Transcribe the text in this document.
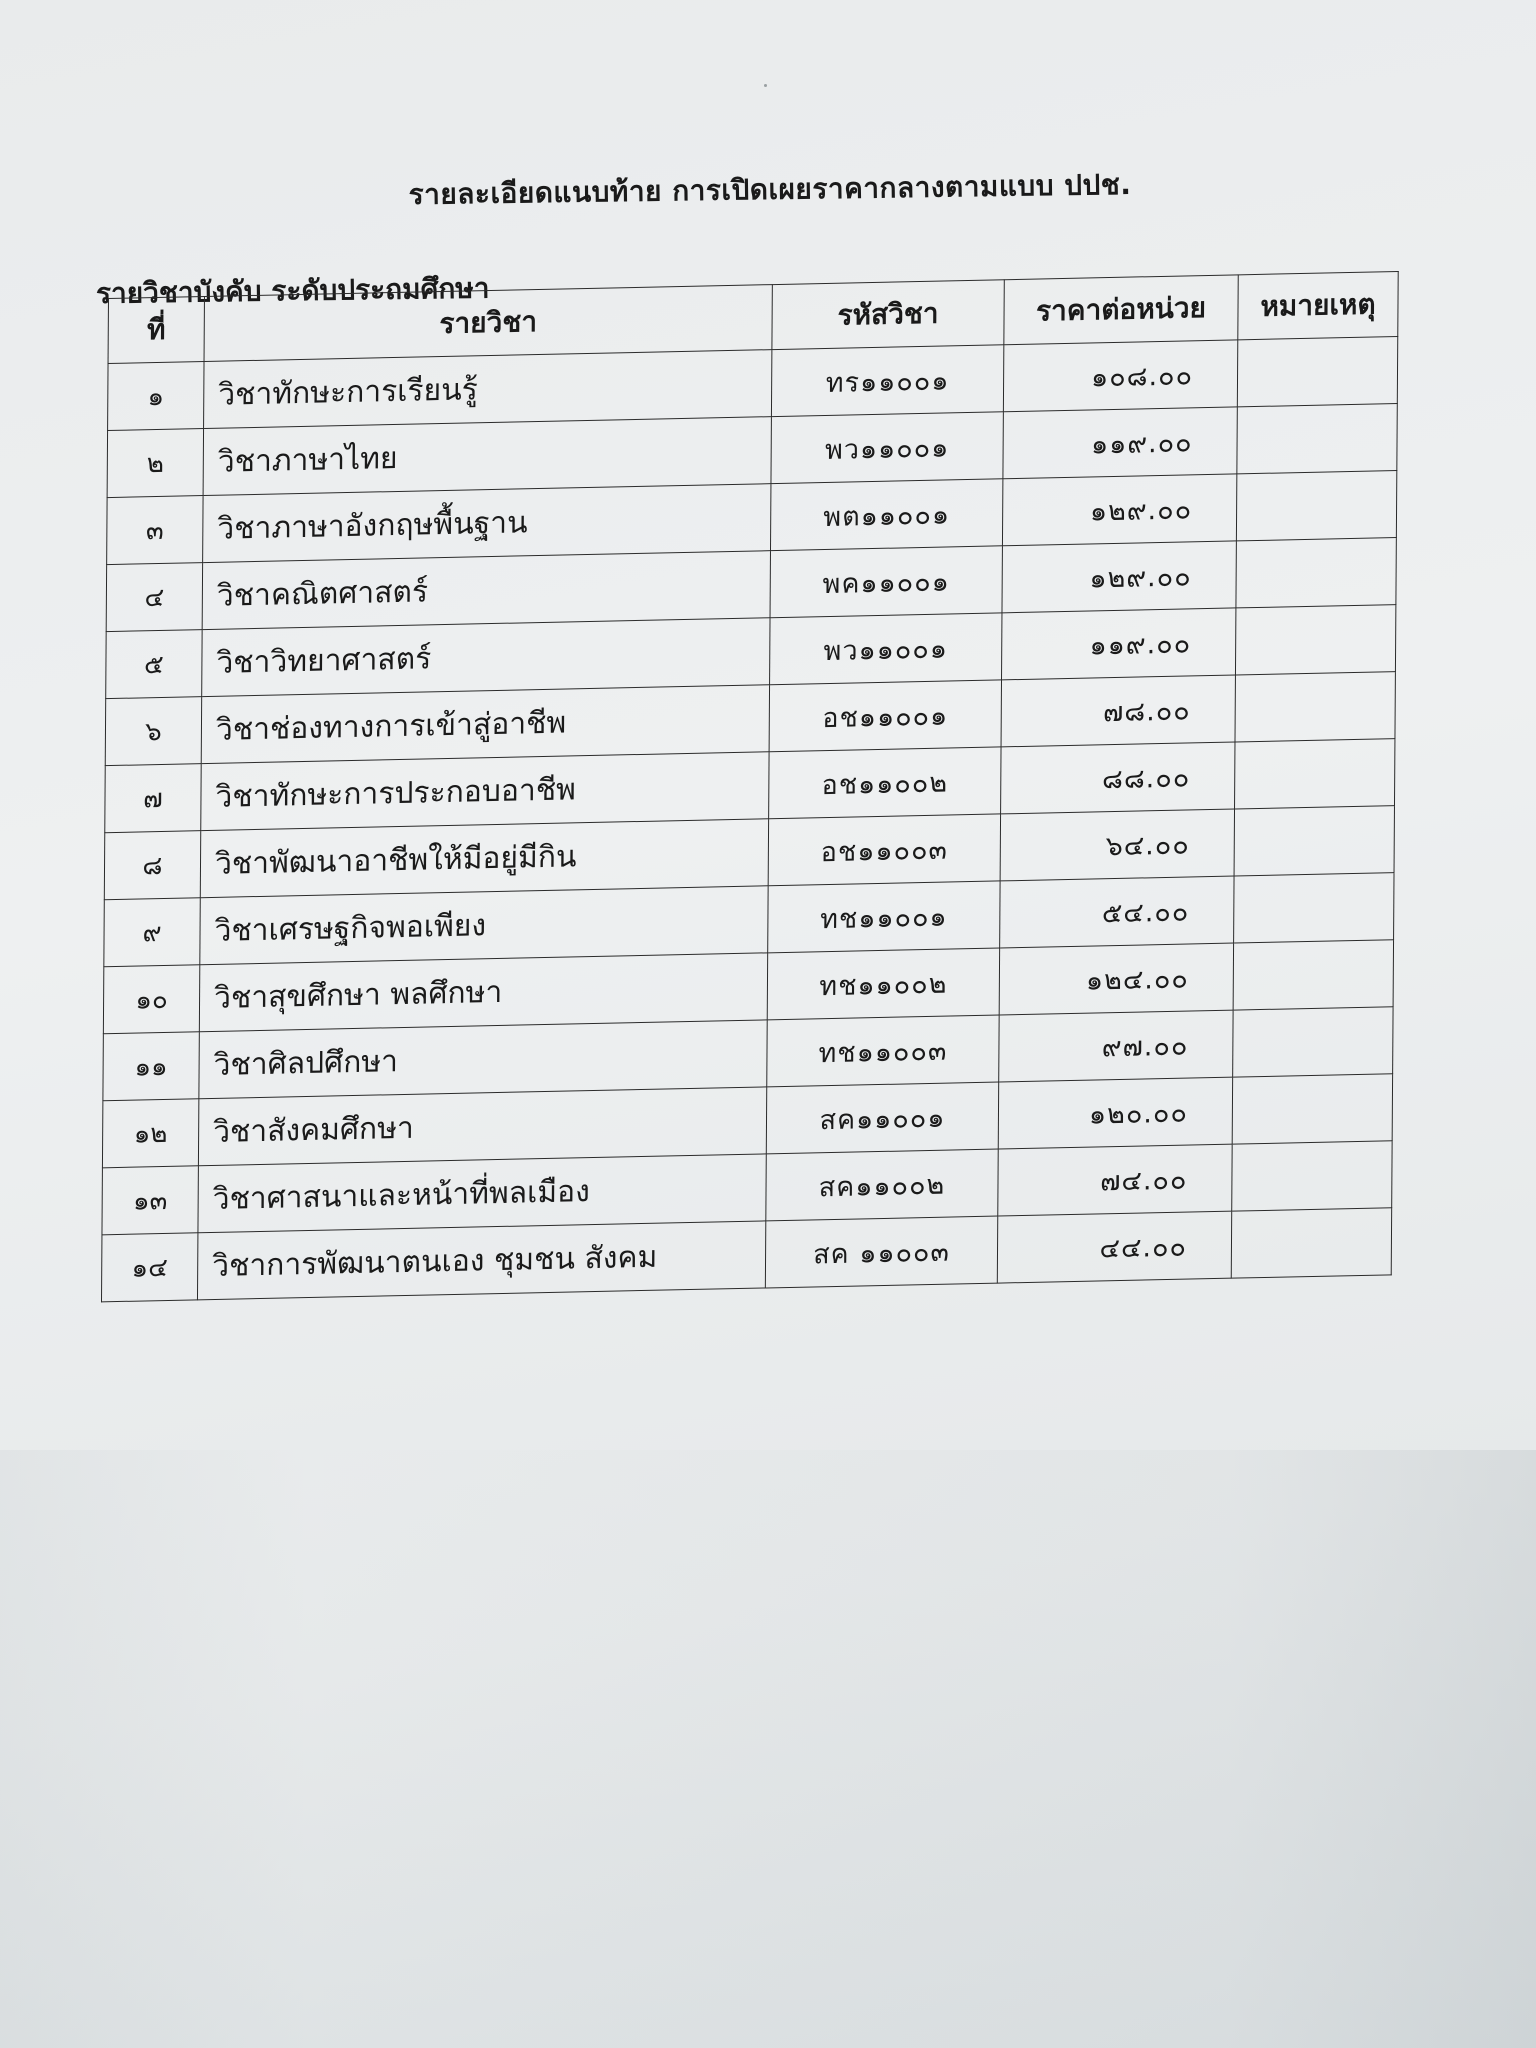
รายละเอียดแนบท้าย การเปิดเผยราคากลางตามแบบ ปปช.
รายวิชาบังคับ ระดับประถมศึกษา
ที่	รายวิชา	รหัสวิชา	ราคาต่อหน่วย	หมายเหตุ
๑	วิชาทักษะการเรียนรู้	ทร๑๑๐๐๑	๑๐๘.๐๐	
๒	วิชาภาษาไทย	พว๑๑๐๐๑	๑๑๙.๐๐	
๓	วิชาภาษาอังกฤษพื้นฐาน	พต๑๑๐๐๑	๑๒๙.๐๐	
๔	วิชาคณิตศาสตร์	พค๑๑๐๐๑	๑๒๙.๐๐	
๕	วิชาวิทยาศาสตร์	พว๑๑๐๐๑	๑๑๙.๐๐	
๖	วิชาช่องทางการเข้าสู่อาชีพ	อช๑๑๐๐๑	๗๘.๐๐	
๗	วิชาทักษะการประกอบอาชีพ	อช๑๑๐๐๒	๘๘.๐๐	
๘	วิชาพัฒนาอาชีพให้มีอยู่มีกิน	อช๑๑๐๐๓	๖๔.๐๐	
๙	วิชาเศรษฐกิจพอเพียง	ทช๑๑๐๐๑	๕๔.๐๐	
๑๐	วิชาสุขศึกษา พลศึกษา	ทช๑๑๐๐๒	๑๒๔.๐๐	
๑๑	วิชาศิลปศึกษา	ทช๑๑๐๐๓	๙๗.๐๐	
๑๒	วิชาสังคมศึกษา	สค๑๑๐๐๑	๑๒๐.๐๐	
๑๓	วิชาศาสนาและหน้าที่พลเมือง	สค๑๑๐๐๒	๗๔.๐๐	
๑๔	วิชาการพัฒนาตนเอง ชุมชน สังคม	สค ๑๑๐๐๓	๔๔.๐๐	
